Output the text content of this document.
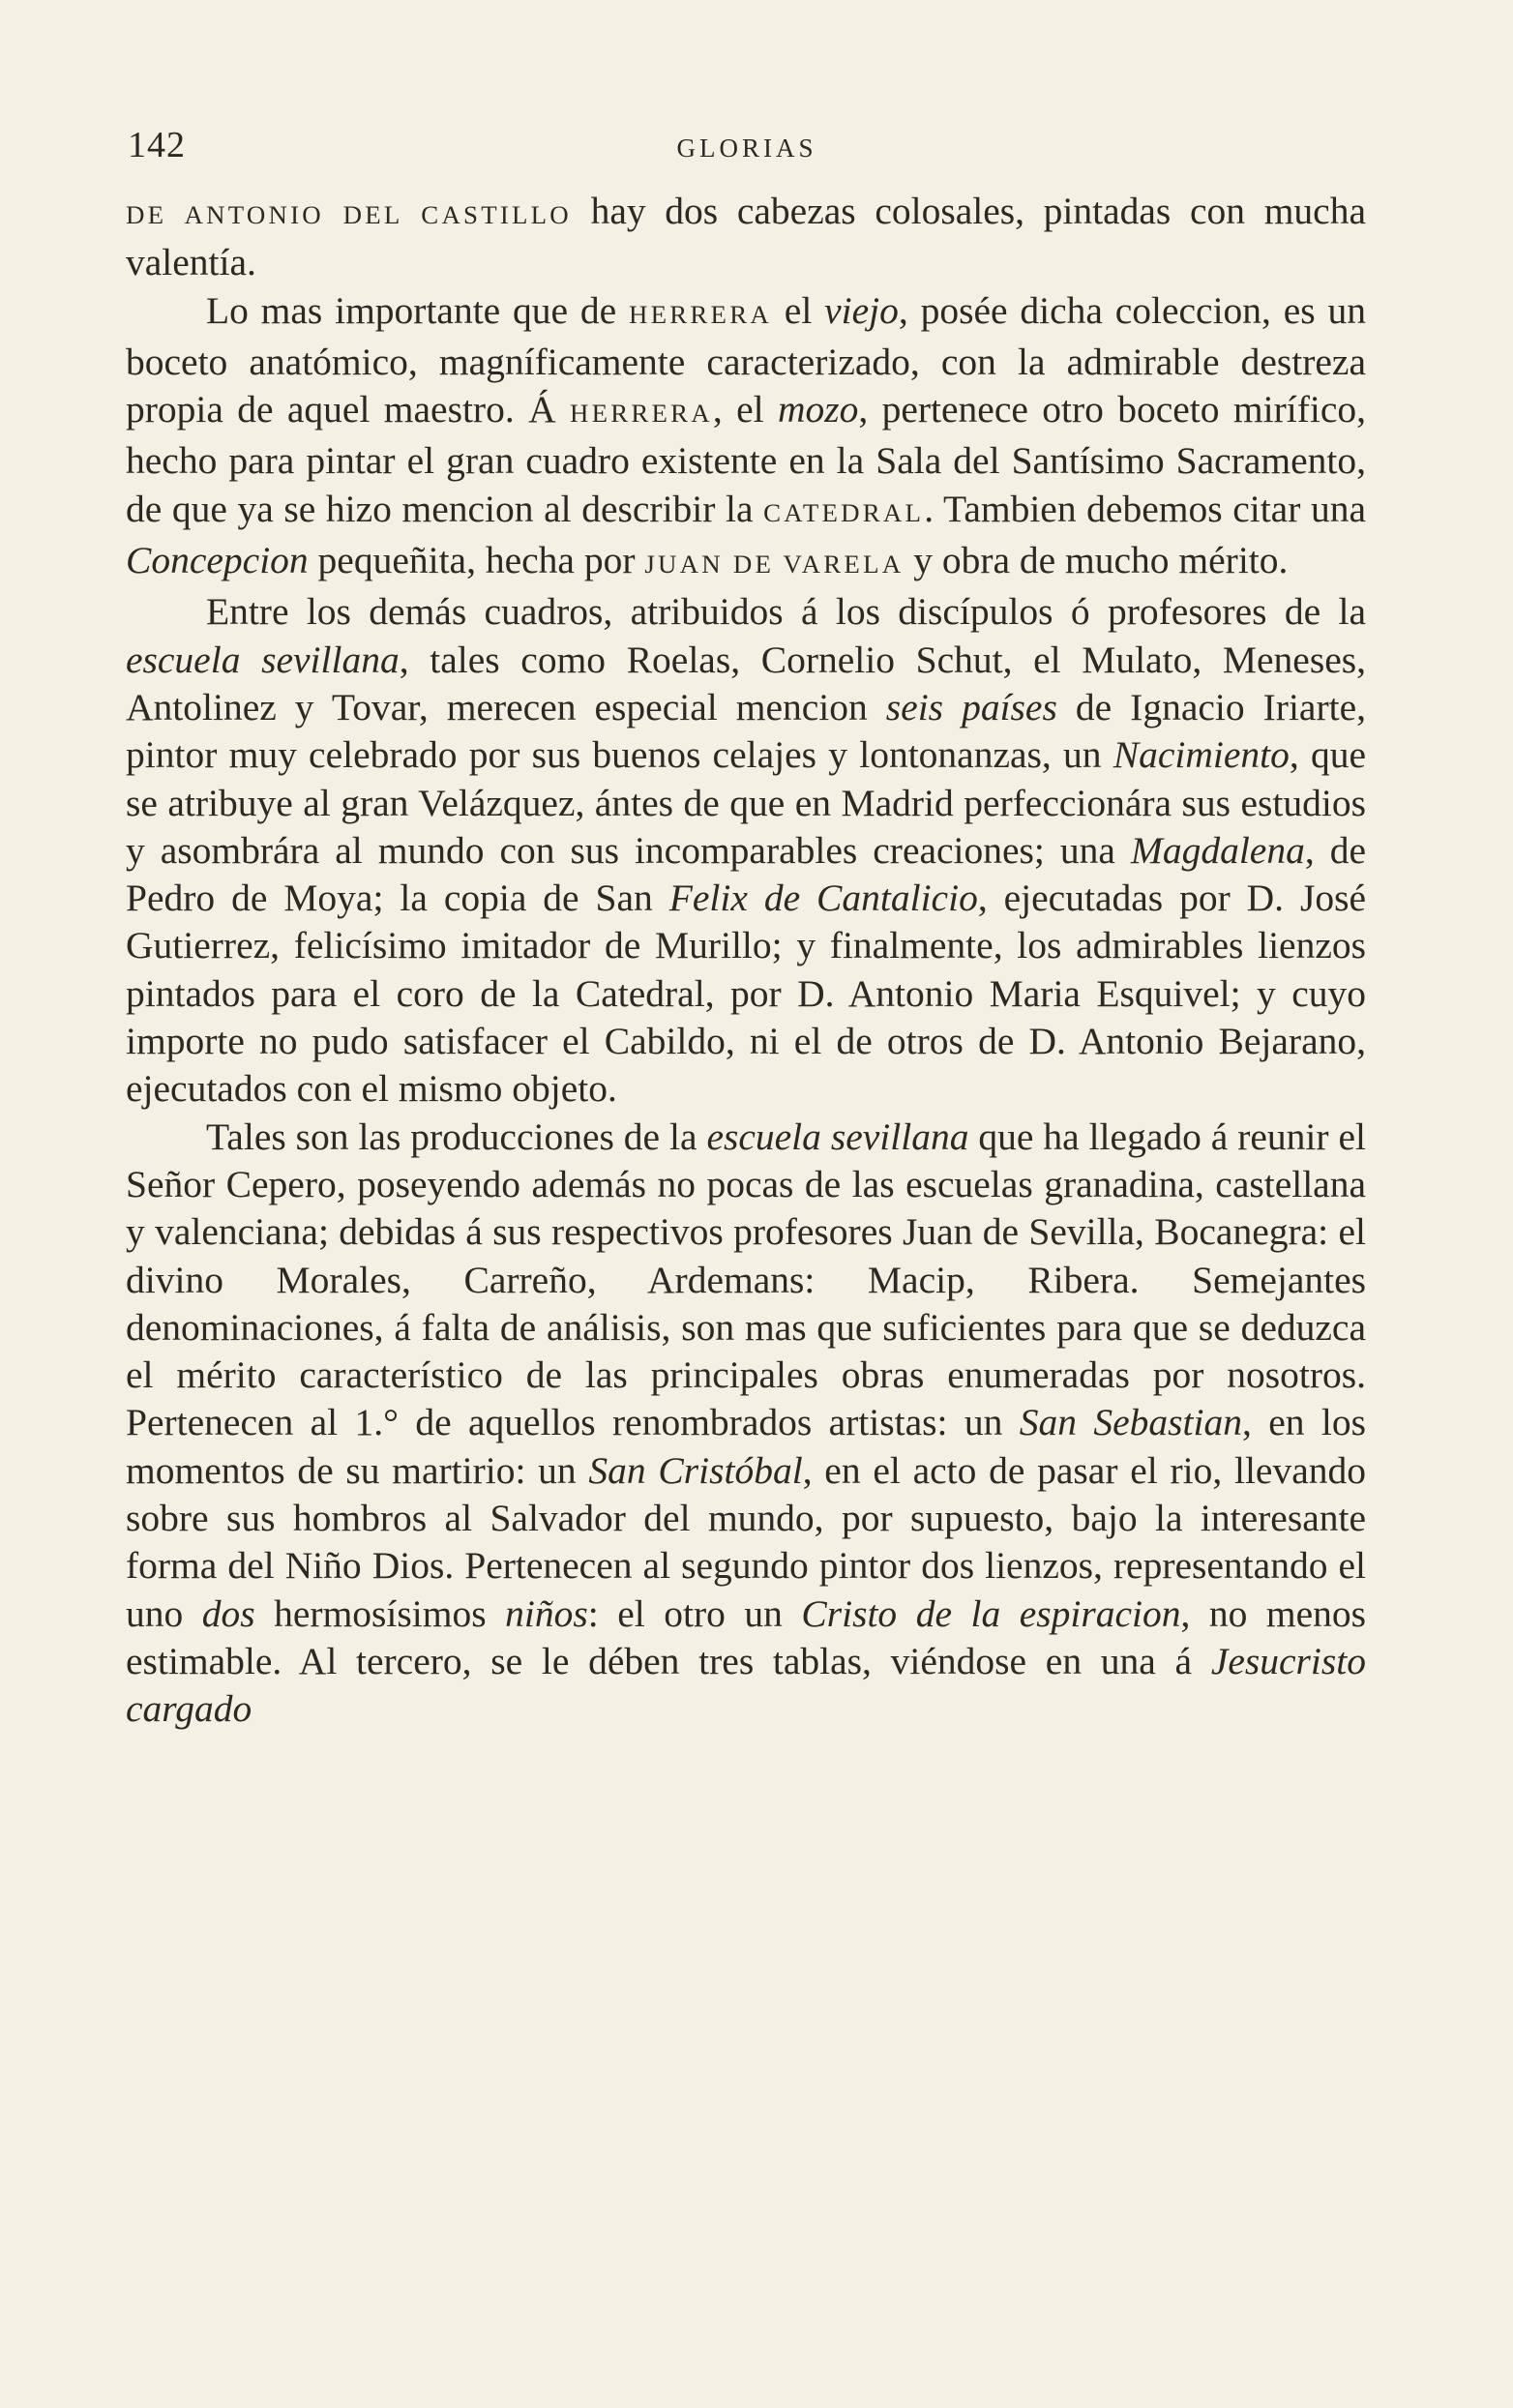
142	GLORIAS

DE ANTONIO DEL CASTILLO hay dos cabezas colosales, pintadas con mucha valentía.

Lo mas importante que de HERRERA el viejo, posée dicha coleccion, es un boceto anatómico, magníficamente caracterizado, con la admirable destreza propia de aquel maestro. Á HERRERA, el mozo, pertenece otro boceto mirífico, hecho para pintar el gran cuadro existente en la Sala del Santísimo Sacramento, de que ya se hizo mencion al describir la CATEDRAL. Tambien debemos citar una Concepcion pequeñita, hecha por JUAN DE VARELA y obra de mucho mérito.

Entre los demás cuadros, atribuidos á los discípulos ó profesores de la escuela sevillana, tales como Roelas, Cornelio Schut, el Mulato, Meneses, Antolinez y Tovar, merecen especial mencion seis países de Ignacio Iriarte, pintor muy celebrado por sus buenos celajes y lontonanzas, un Nacimiento, que se atribuye al gran Velázquez, ántes de que en Madrid perfeccionára sus estudios y asombrára al mundo con sus incomparables creaciones; una Magdalena, de Pedro de Moya; la copia de San Felix de Cantalicio, ejecutadas por D. José Gutierrez, felicísimo imitador de Murillo; y finalmente, los admirables lienzos pintados para el coro de la Catedral, por D. Antonio Maria Esquivel; y cuyo importe no pudo satisfacer el Cabildo, ni el de otros de D. Antonio Bejarano, ejecutados con el mismo objeto.

Tales son las producciones de la escuela sevillana que ha llegado á reunir el Señor Cepero, poseyendo además no pocas de las escuelas granadina, castellana y valenciana; debidas á sus respectivos profesores Juan de Sevilla, Bocanegra: el divino Morales, Carreño, Ardemans: Macip, Ribera. Semejantes denominaciones, á falta de análisis, son mas que suficientes para que se deduzca el mérito característico de las principales obras enumeradas por nosotros. Pertenecen al 1.° de aquellos renombrados artistas: un San Sebastian, en los momentos de su martirio: un San Cristóbal, en el acto de pasar el rio, llevando sobre sus hombros al Salvador del mundo, por supuesto, bajo la interesante forma del Niño Dios. Pertenecen al segundo pintor dos lienzos, representando el uno dos hermosísimos niños: el otro un Cristo de la espiracion, no menos estimable. Al tercero, se le dében tres tablas, viéndose en una á Jesucristo cargado
